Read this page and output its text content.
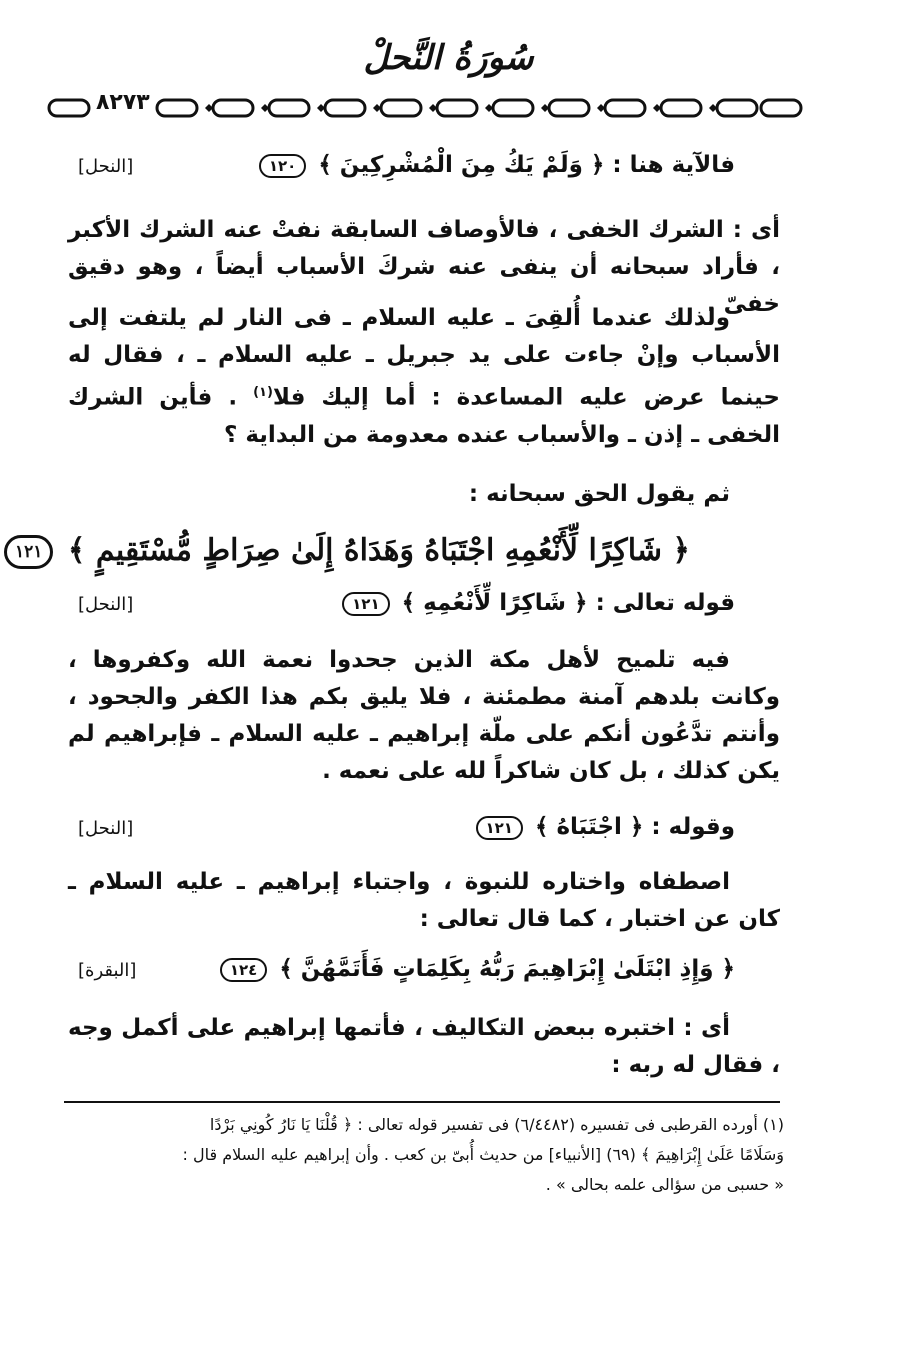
سُورَةُ النَّحلْ
٨٢٧٣
فالآية هنا : ﴿ وَلَمْ يَكُ مِنَ الْمُشْرِكِينَ ﴾ ١٢٠
[النحل]

أى : الشرك الخفى ، فالأوصاف السابقة نفتْ عنه الشرك الأكبر ، فأراد سبحانه أن ينفى عنه شركَ الأسباب أيضاً ، وهو دقيق خفىّ .

ولذلك عندما أُلقِىَ ـ عليه السلام ـ فى النار لم يلتفت إلى الأسباب وإنْ جاءت على يد جبريل ـ عليه السلام ـ ، فقال له حينما عرض عليه المساعدة : أما إليك فلا$^{(١)}$ . فأين الشرك الخفى ـ إذن ـ والأسباب عنده معدومة من البداية ؟

ثم يقول الحق سبحانه :

﴿ شَاكِرًا لِّأَنْعُمِهِ اجْتَبَاهُ وَهَدَاهُ إِلَىٰ صِرَاطٍ مُّسْتَقِيمٍ ﴾ ١٢١
قوله تعالى : ﴿ شَاكِرًا لِّأَنْعُمِهِ ﴾ ١٢١
[النحل]

فيه تلميح لأهل مكة الذين جحدوا نعمة الله وكفروها ، وكانت بلدهم آمنة مطمئنة ، فلا يليق بكم هذا الكفر والجحود ، وأنتم تدَّعُون أنكم على ملّة إبراهيم ـ عليه السلام ـ فإبراهيم لم يكن كذلك ، بل كان شاكراً لله على نعمه .

وقوله : ﴿ اجْتَبَاهُ ﴾ ١٢١
[النحل]

اصطفاه واختاره للنبوة ، واجتباء إبراهيم ـ عليه السلام ـ كان عن اختبار ، كما قال تعالى :

﴿ وَإِذِ ابْتَلَىٰ إِبْرَاهِيمَ رَبُّهُ بِكَلِمَاتٍ فَأَتَمَّهُنَّ ﴾ ١٢٤
[البقرة]

أى : اختبره ببعض التكاليف ، فأتمها إبراهيم على أكمل وجه ، فقال له ربه :

(١) أورده القرطبى فى تفسيره (٦/٤٤٨٢) فى تفسير قوله تعالى : ﴿ قُلْنَا يَا نَارُ كُونِي بَرْدًا

وَسَلَامًا عَلَىٰ إِبْرَاهِيمَ ﴾ (٦٩) [الأنبياء] من حديث أُبىّ بن كعب . وأن إبراهيم عليه السلام قال :

« حسبى من سؤالى علمه بحالى » .
